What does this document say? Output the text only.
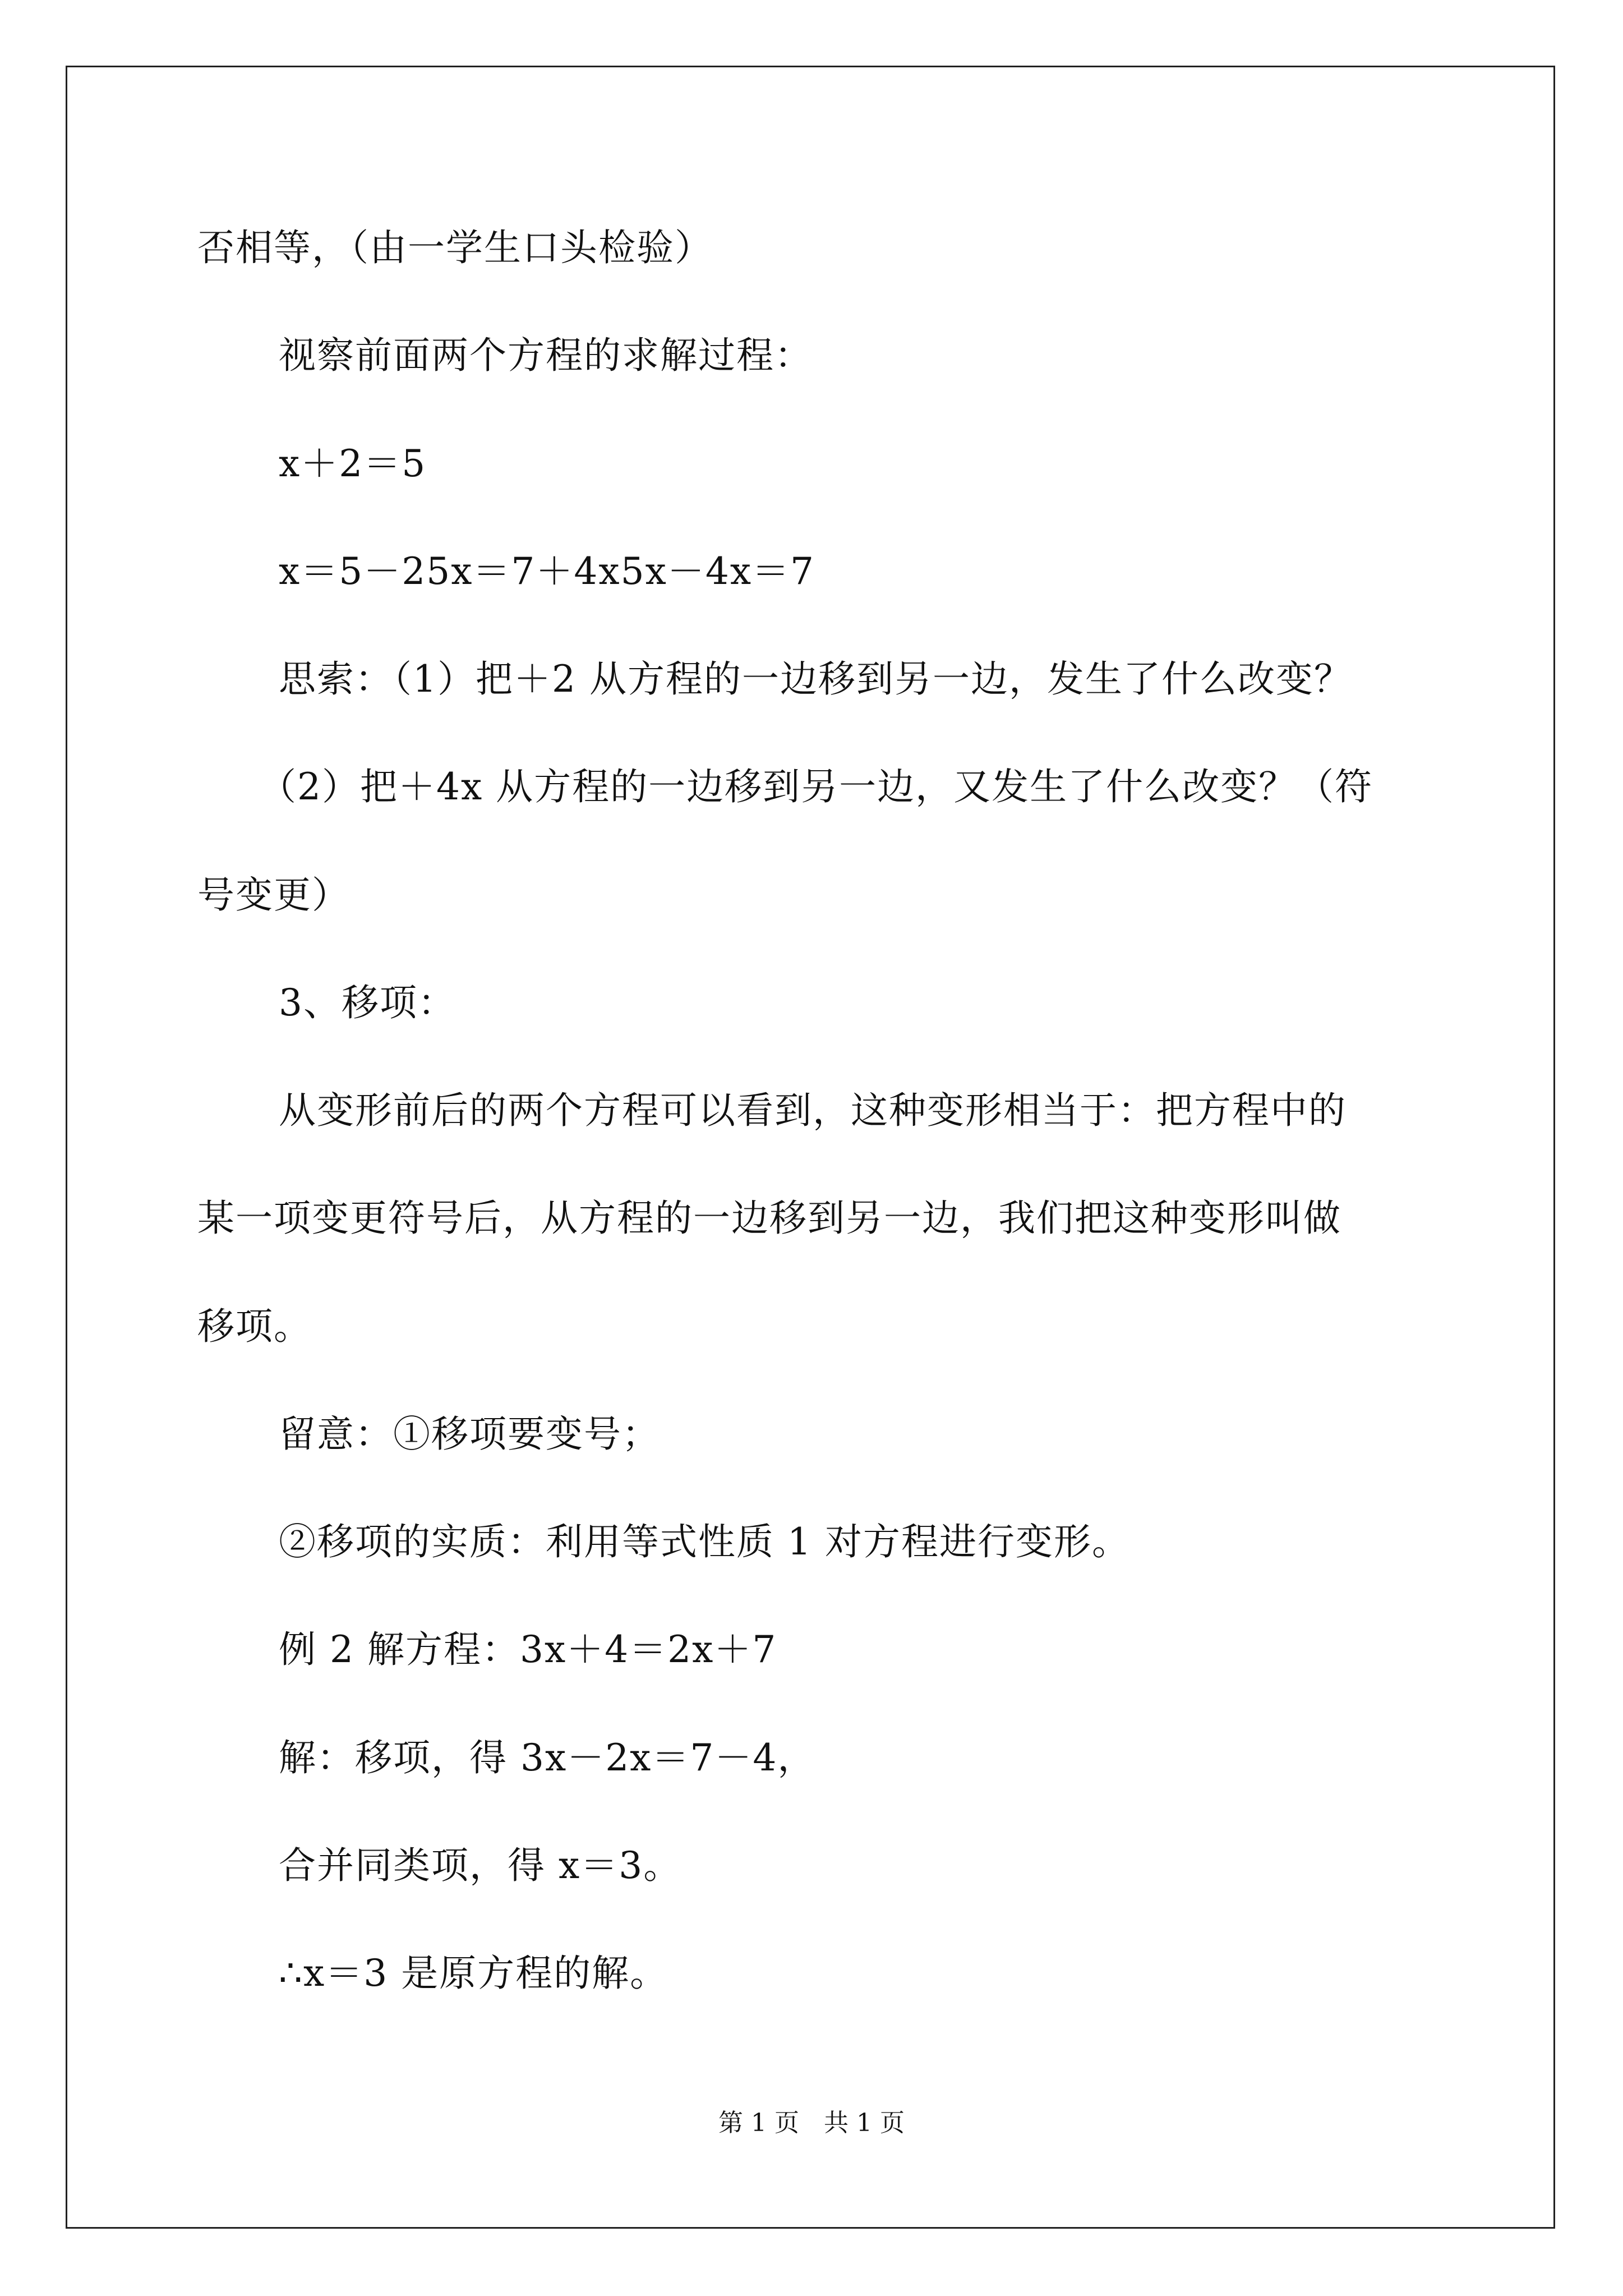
否相等，（由一学生口头检验）
视察前面两个方程的求解过程：
x＋2＝5
x＝5－25x＝7＋4x5x－4x＝7
思索：（1）把＋2 从方程的一边移到另一边，发生了什么改变？
（2）把＋4x 从方程的一边移到另一边，又发生了什么改变？（符
号变更）
3、移项：
从变形前后的两个方程可以看到，这种变形相当于：把方程中的
某一项变更符号后，从方程的一边移到另一边，我们把这种变形叫做
移项。
留意：①移项要变号；
②移项的实质：利用等式性质 1 对方程进行变形。
例 2 解方程：3x＋4＝2x＋7
解：移项，得 3x－2x＝7－4，
合并同类项，得 x＝3。
∴x＝3 是原方程的解。
第 1 页 共 1 页
